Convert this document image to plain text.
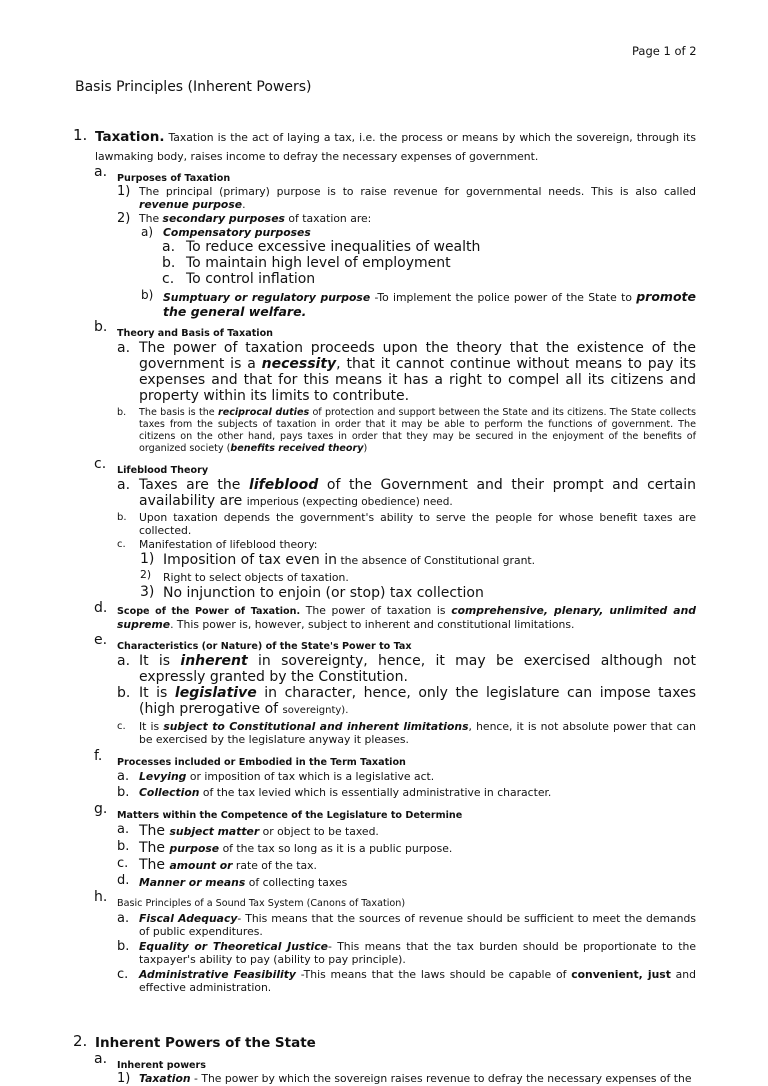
Page 1 of 2
Basis Principles (Inherent Powers)
1. Taxation. Taxation is the act of laying a tax, i.e. the process or means by which the sovereign, through its lawmaking body, raises income to defray the necessary expenses of government.
a. Purposes of Taxation
1) The principal (primary) purpose is to raise revenue for governmental needs. This is also called revenue purpose.
2) The secondary purposes of taxation are:
a) Compensatory purposes
a. To reduce excessive inequalities of wealth
b. To maintain high level of employment
c. To control inflation
b) Sumptuary or regulatory purpose -To implement the police power of the State to promote the general welfare.
b. Theory and Basis of Taxation
a. The power of taxation proceeds upon the theory that the existence of the government is a necessity, that it cannot continue without means to pay its expenses and that for this means it has a right to compel all its citizens and property within its limits to contribute.
b. The basis is the reciprocal duties of protection and support between the State and its citizens. The State collects taxes from the subjects of taxation in order that it may be able to perform the functions of government. The citizens on the other hand, pays taxes in order that they may be secured in the enjoyment of the benefits of organized society (benefits received theory)
c. Lifeblood Theory
a. Taxes are the lifeblood of the Government and their prompt and certain availability are imperious (expecting obedience) need.
b. Upon taxation depends the government's ability to serve the people for whose benefit taxes are collected.
c. Manifestation of lifeblood theory:
1) Imposition of tax even in the absence of Constitutional grant.
2) Right to select objects of taxation.
3) No injunction to enjoin (or stop) tax collection
d. Scope of the Power of Taxation. The power of taxation is comprehensive, plenary, unlimited and supreme. This power is, however, subject to inherent and constitutional limitations.
e. Characteristics (or Nature) of the State's Power to Tax
a. It is inherent in sovereignty, hence, it may be exercised although not expressly granted by the Constitution.
b. It is legislative in character, hence, only the legislature can impose taxes (high prerogative of sovereignty).
c. It is subject to Constitutional and inherent limitations, hence, it is not absolute power that can be exercised by the legislature anyway it pleases.
f. Processes included or Embodied in the Term Taxation
a. Levying or imposition of tax which is a legislative act.
b. Collection of the tax levied which is essentially administrative in character.
g. Matters within the Competence of the Legislature to Determine
a. The subject matter or object to be taxed.
b. The purpose of the tax so long as it is a public purpose.
c. The amount or rate of the tax.
d. Manner or means of collecting taxes
h. Basic Principles of a Sound Tax System (Canons of Taxation)
a. Fiscal Adequacy- This means that the sources of revenue should be sufficient to meet the demands of public expenditures.
b. Equality or Theoretical Justice- This means that the tax burden should be proportionate to the taxpayer's ability to pay (ability to pay principle).
c. Administrative Feasibility -This means that the laws should be capable of convenient, just and effective administration.
2. Inherent Powers of the State
a. Inherent powers
1) Taxation - The power by which the sovereign raises revenue to defray the necessary expenses of the
